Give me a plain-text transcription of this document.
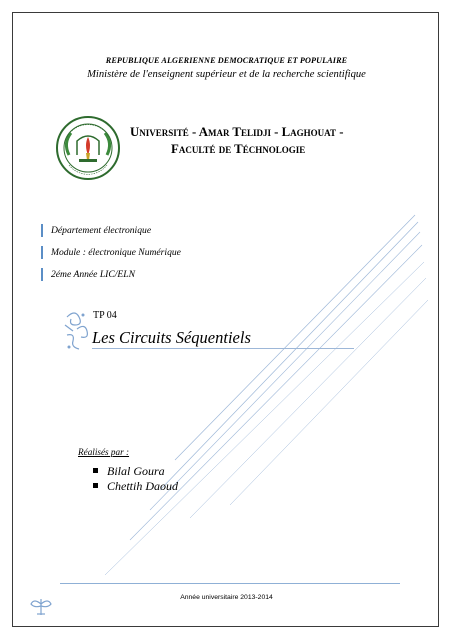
REPUBLIQUE ALGERIENNE DEMOCRATIQUE ET POPULAIRE
Ministère de l'enseignent supérieur et de la recherche scientifique
Université - Amar Telidji - Laghouat -
Faculté de Téchnologie
Département électronique
Module : électronique Numérique
2éme Année LIC/ELN
TP 04
Les Circuits Séquentiels
Réalisés par :
Bilal Goura
Chettih Daoud
Année universitaire 2013-2014
